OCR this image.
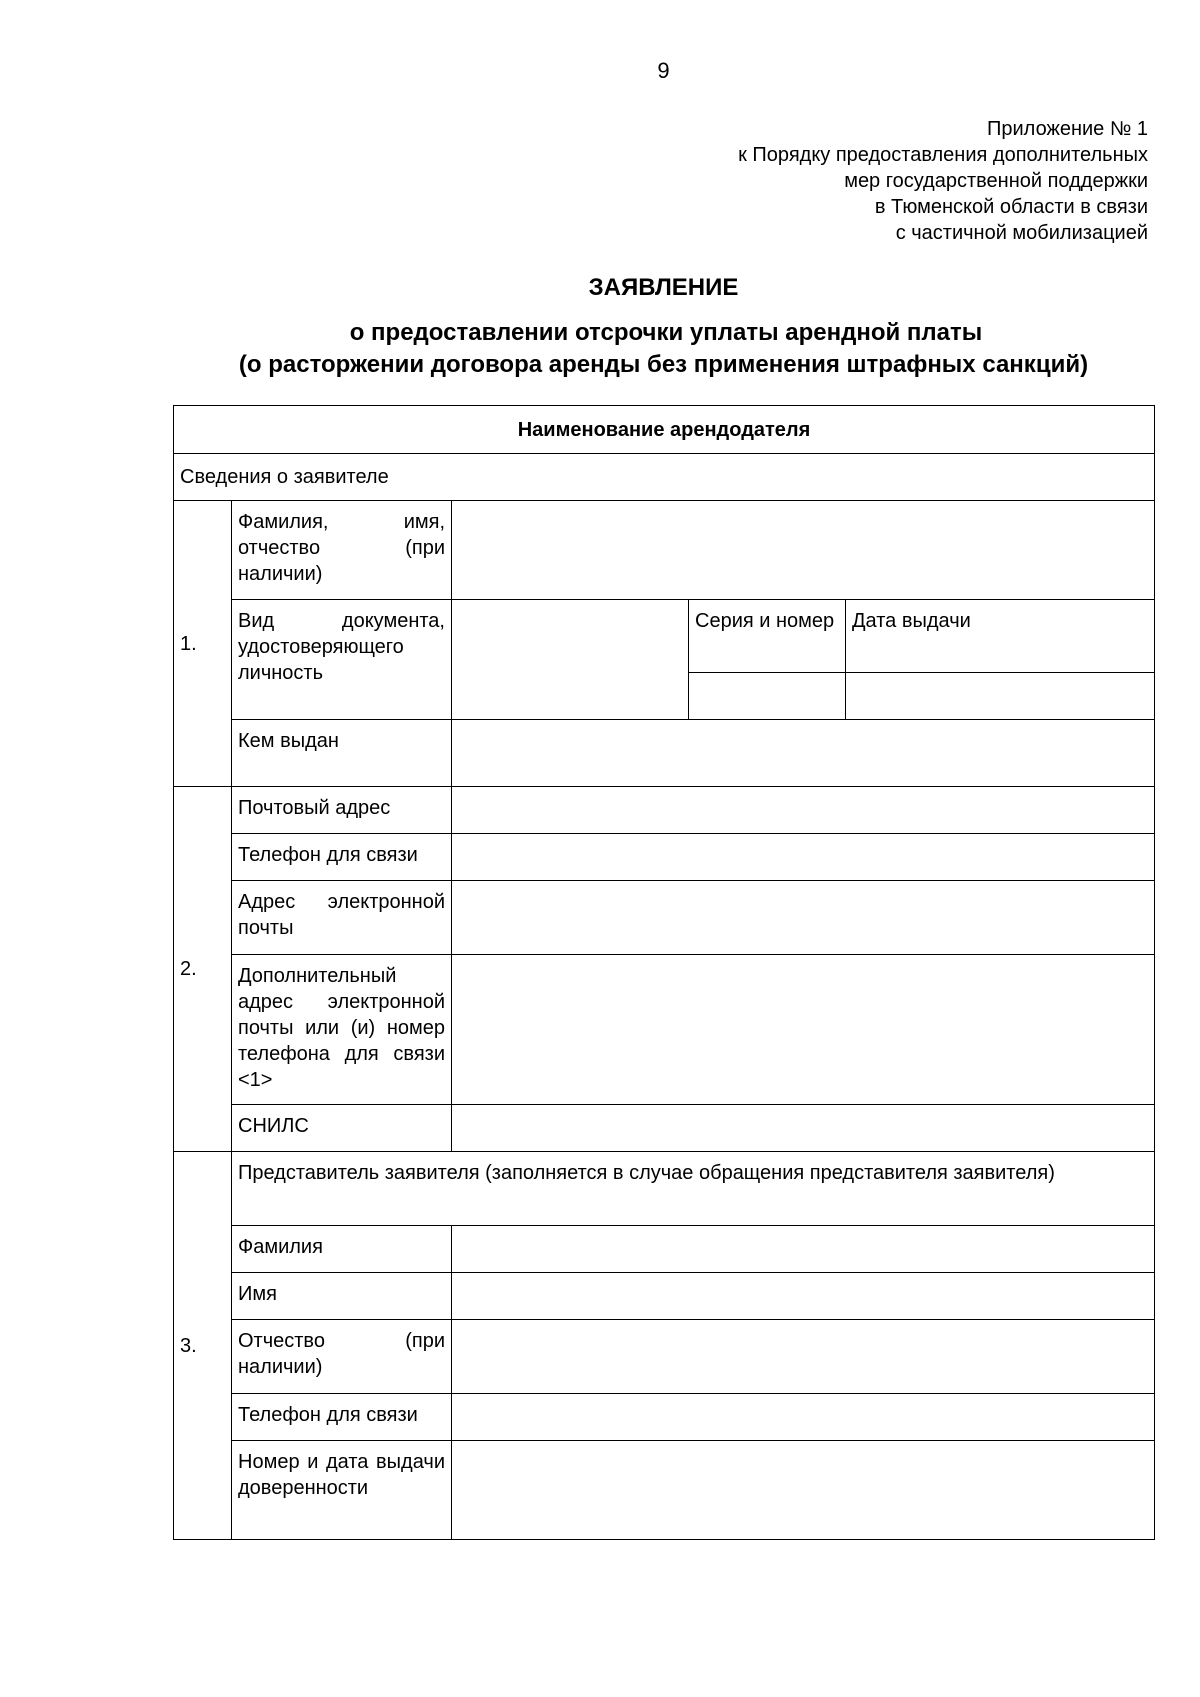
9
Приложение № 1
к Порядку предоставления дополнительных
мер государственной поддержки
в Тюменской области в связи
с частичной мобилизацией
ЗАЯВЛЕНИЕ
о предоставлении отсрочки уплаты арендной платы
(о расторжении договора аренды без применения штрафных санкций)
Наименование арендодателя				
Сведения о заявителе				
1.	Фамилия, имя, отчество (при наличии)			
	Вид документа, удостоверяющего личность		Серия и номер	Дата выдачи

	Кем выдан			
2.	Почтовый адрес			
	Телефон для связи			
	Адрес электронной почты			
	Дополнительный адрес электронной почты или (и) номер телефона для связи <1>			
	СНИЛС			
3.	Представитель заявителя (заполняется в случае обращения представителя заявителя)			
	Фамилия			
	Имя			
	Отчество (при наличии)			
	Телефон для связи			
	Номер и дата выдачи доверенности			
